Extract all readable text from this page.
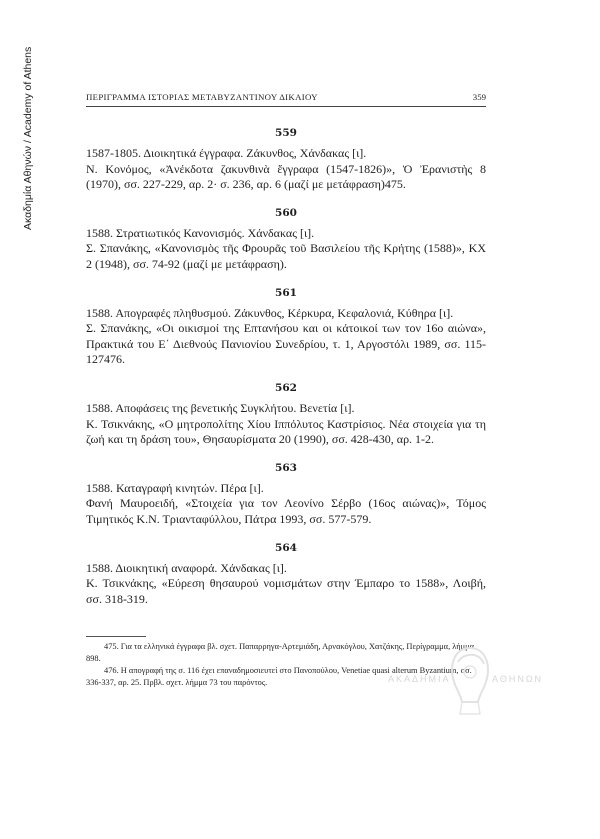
Ακαδημία Αθηνών / Academy of Athens	ΠΕΡΙΓΡΑΜΜΑ ΙΣΤΟΡΙΑΣ ΜΕΤΑΒΥΖΑΝΤΙΝΟΥ ΔΙΚΑΙΟΥ	359
559
1587-1805. Διοικητικά έγγραφα. Ζάκυνθος, Χάνδακας [ι].
Ν. Κονόμος, «Ἀνέκδοτα ζακυνθινὰ ἔγγραφα (1547-1826)», Ὁ Ἐρανιστὴς 8 (1970), σσ. 227-229, αρ. 2· σ. 236, αρ. 6 (μαζί με μετάφραση)475.
560
1588. Στρατιωτικός Κανονισμός. Χάνδακας [ι].
Σ. Σπανάκης, «Κανονισμὸς τῆς Φρουρᾶς τοῦ Βασιλείου τῆς Κρήτης (1588)», ΚΧ 2 (1948), σσ. 74-92 (μαζί με μετάφραση).
561
1588. Απογραφές πληθυσμού. Ζάκυνθος, Κέρκυρα, Κεφαλονιά, Κύθηρα [ι].
Σ. Σπανάκης, «Οι οικισμοί της Επτανήσου και οι κάτοικοί των τον 16ο αιώνα», Πρακτικά του Ε΄ Διεθνούς Πανιονίου Συνεδρίου, τ. 1, Αργοστόλι 1989, σσ. 115-127476.
562
1588. Αποφάσεις της βενετικής Συγκλήτου. Βενετία [ι].
Κ. Τσικνάκης, «Ο μητροπολίτης Χίου Ιππόλυτος Καστρίσιος. Νέα στοιχεία για τη ζωή και τη δράση του», Θησαυρίσματα 20 (1990), σσ. 428-430, αρ. 1-2.
563
1588. Καταγραφή κινητών. Πέρα [ι].
Φανή Μαυροειδή, «Στοιχεία για τον Λεονίνο Σέρβο (16ος αιώνας)», Τόμος Τιμητικός Κ.Ν. Τριανταφύλλου, Πάτρα 1993, σσ. 577-579.
564
1588. Διοικητική αναφορά. Χάνδακας [ι].
Κ. Τσικνάκης, «Εύρεση θησαυρού νομισμάτων στην Έμπαρο το 1588», Λοιβή, σσ. 318-319.
475. Για τα ελληνικά έγγραφα βλ. σχετ. Παπαρρηγα-Αρτεμιάδη, Αρνακόγλου, Χατζάκης, Περίγραμμα, λήμμα 898.
476. Η απογραφή της σ. 116 έχει επαναδημοσιευτεί στο Πανοπούλου, Venetiae quasi alterum Byzantium, σσ. 336-337, αρ. 25. Πρβλ. σχετ. λήμμα 73 του παρόντος.	ΑΚΑΔΗΜΙΑ	ΑΘΗΝΩΝ
